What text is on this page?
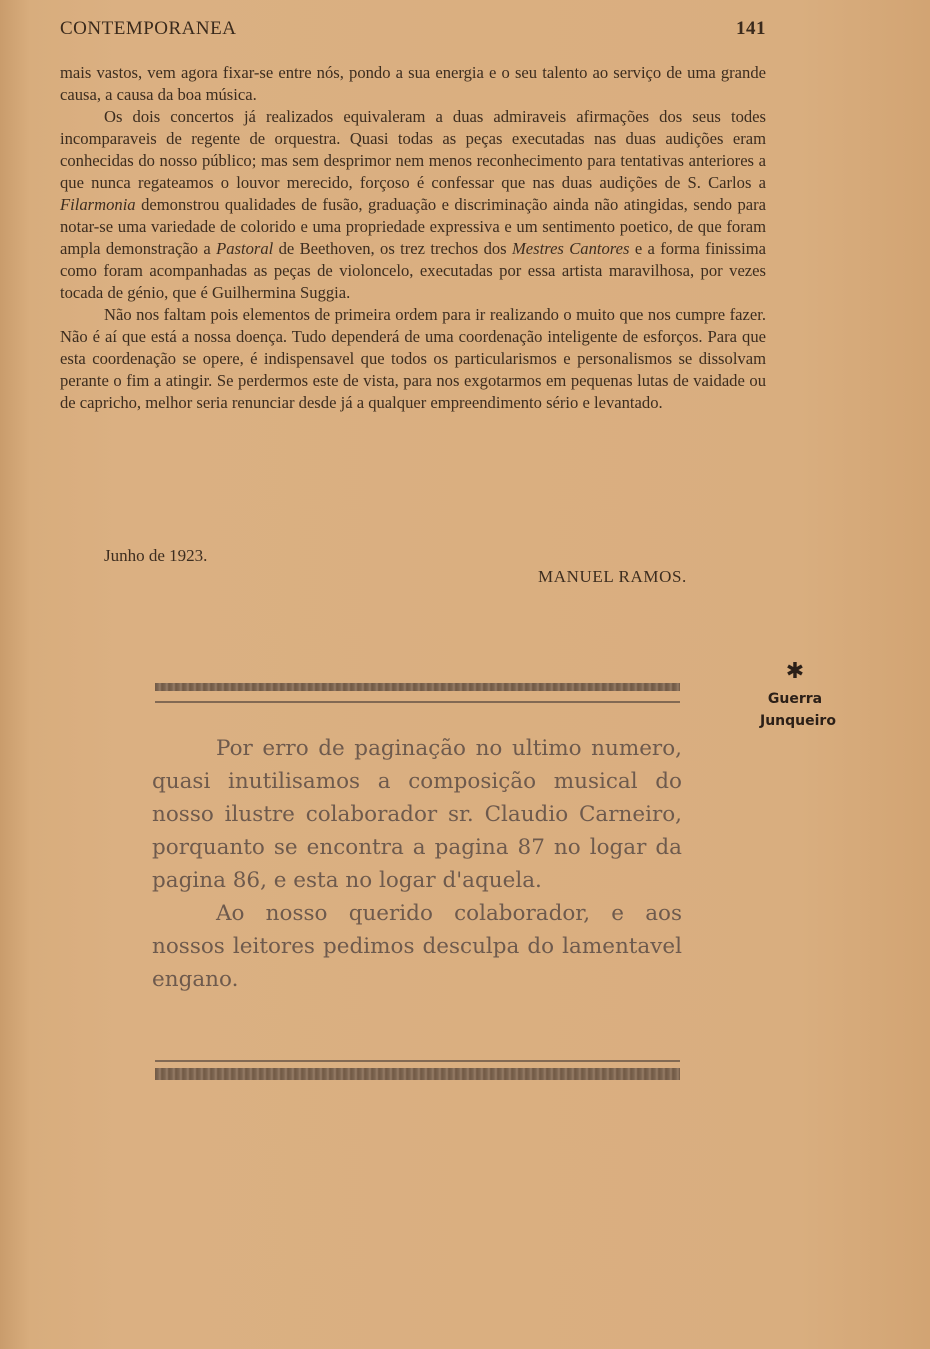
CONTEMPORANEA	141

mais vastos, vem agora fixar-se entre nós, pondo a sua energia e o seu talento ao serviço de uma grande causa, a causa da boa música.

Os dois concertos já realizados equivaleram a duas admiraveis afirmações dos seus todes incomparaveis de regente de orquestra. Quasi todas as peças executadas nas duas audições eram conhecidas do nosso público; mas sem desprimor nem menos reconhecimento para tentativas anteriores a que nunca regateamos o louvor merecido, forçoso é confessar que nas duas audições de S. Carlos a Filarmonia demonstrou qualidades de fusão, graduação e discriminação ainda não atingidas, sendo para notar-se uma variedade de colorido e uma propriedade expressiva e um sentimento poetico, de que foram ampla demonstração a Pastoral de Beethoven, os trez trechos dos Mestres Cantores e a forma finissima como foram acompanhadas as peças de violoncelo, executadas por essa artista maravilhosa, por vezes tocada de génio, que é Guilhermina Suggia.

Não nos faltam pois elementos de primeira ordem para ir realizando o muito que nos cumpre fazer. Não é aí que está a nossa doença. Tudo dependerá de uma coordenação inteligente de esforços. Para que esta coordenação se opere, é indispensavel que todos os particularismos e personalismos se dissolvam perante o fim a atingir. Se perdermos este de vista, para nos exgotarmos em pequenas lutas de vaidade ou de capricho, melhor seria renunciar desde já a qualquer empreendimento sério e levantado.

Junho de 1923.
MANUEL RAMOS.

Por erro de paginação no ultimo numero, quasi inutilisamos a composição musical do nosso ilustre colaborador sr. Claudio Carneiro, porquanto se encontra a pagina 87 no logar da pagina 86, e esta no logar d'aquela.

Ao nosso querido colaborador, e aos nossos leitores pedimos desculpa do lamentavel engano.

✱
Guerra
Junqueiro
